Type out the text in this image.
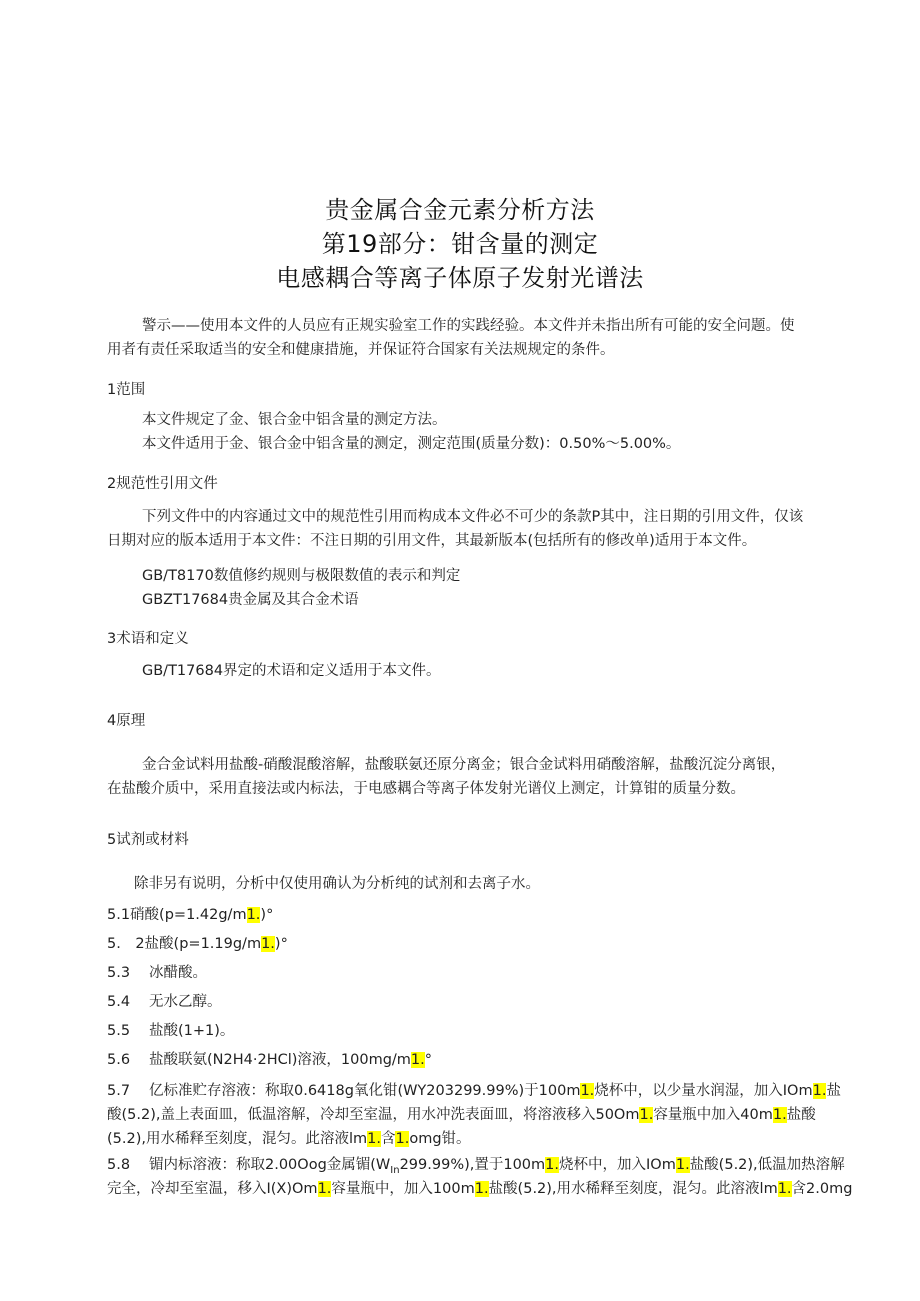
贵金属合金元素分析方法
第19部分：钳含量的测定
电感耦合等离子体原子发射光谱法
警示——使用本文件的人员应有正规实验室工作的实践经验。本文件并未指出所有可能的安全问题。使
用者有责任采取适当的安全和健康措施，并保证符合国家有关法规规定的条件。
1范围
本文件规定了金、银合金中铝含量的测定方法。
本文件适用于金、银合金中铝含量的测定，测定范围(质量分数)：0.50%～5.00%。
2规范性引用文件
下列文件中的内容通过文中的规范性引用而构成本文件必不可少的条款P其中，注日期的引用文件，仅该
日期对应的版本适用于本文件：不注日期的引用文件，其最新版本(包括所有的修改单)适用于本文件。
GB/T8170数值修约规则与极限数值的表示和判定
GBZT17684贵金属及其合金术语
3术语和定义
GB/T17684界定的术语和定义适用于本文件。
4原理
金合金试料用盐酸-硝酸混酸溶解，盐酸联氨还原分离金；银合金试料用硝酸溶解，盐酸沉淀分离银，
在盐酸介质中，采用直接法或内标法，于电感耦合等离子体发射光谱仪上测定，计算钳的质量分数。
5试剂或材料
除非另有说明，分析中仅使用确认为分析纯的试剂和去离子水。
5.1硝酸(p=1.42g∕m1.)°
5.　2盐酸(p=1.19g∕m1.)°
5.3 冰醋酸。
5.4 无水乙醇。
5.5 盐酸(1+1)。
5.6 盐酸联氨(N2H4·2HCl)溶液，100mg∕m1.°
5.7 亿标准贮存溶液：称取0.6418g氧化钳(WY203299.99%)于100m1.烧杯中，以少量水润湿，加入IOm1.盐
酸(5.2),盖上表面皿，低温溶解，冷却至室温，用水冲洗表面皿，将溶液移入50Om1.容量瓶中加入40m1.盐酸
(5.2),用水稀释至刻度，混匀。此溶液lm1.含1.omg钳。
5.8 镅内标溶液：称取2.00Oog金属镅$(W_{In}299.99\%)$,置于100m1.烧杯中，加入IOm1.盐酸(5.2),低温加热溶解
完全，冷却至室温，移入I(X)Om1.容量瓶中，加入100m1.盐酸(5.2),用水稀释至刻度，混匀。此溶液lm1.含2.0mg
